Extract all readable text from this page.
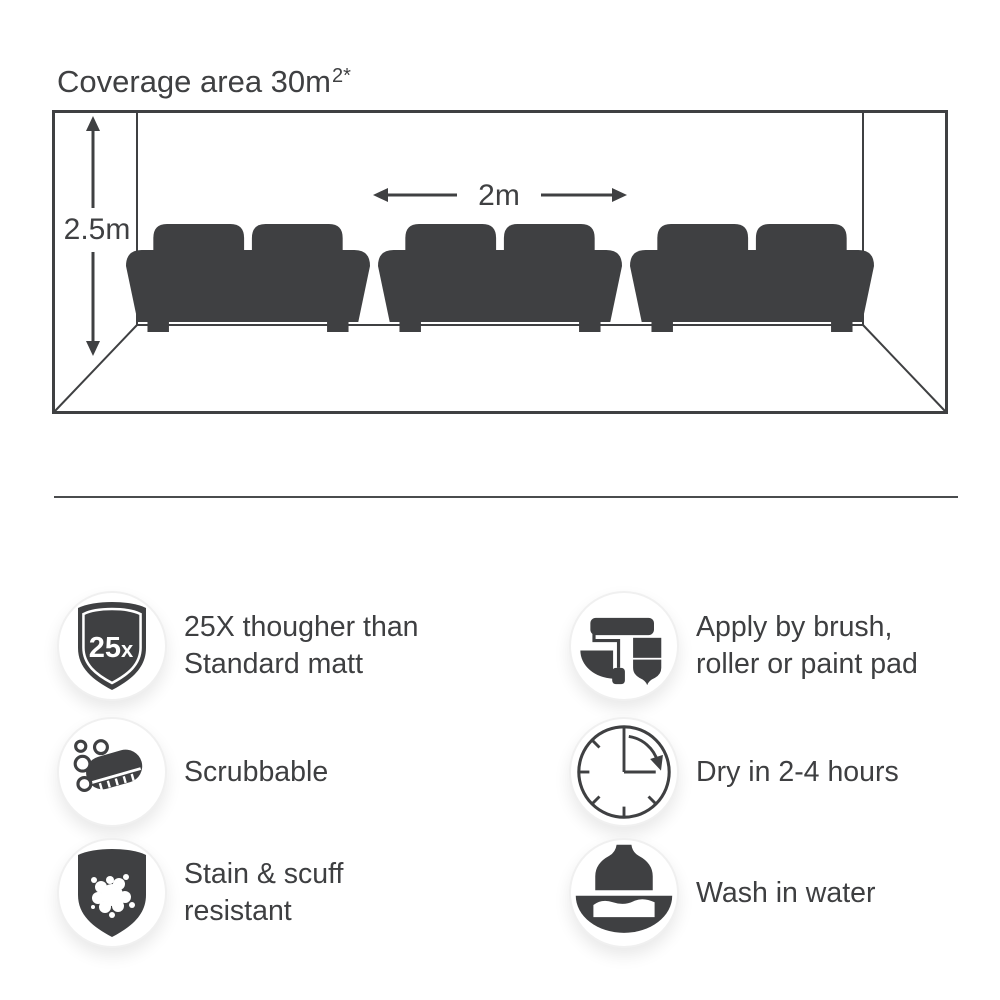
Coverage area $30m^{2*}$
2.5m
2m
25x
25X thougher than
Standard matt
Scrubbable
Stain & scuff
resistant
Apply by brush,
roller or paint pad
Dry in 2-4 hours
Wash in water
